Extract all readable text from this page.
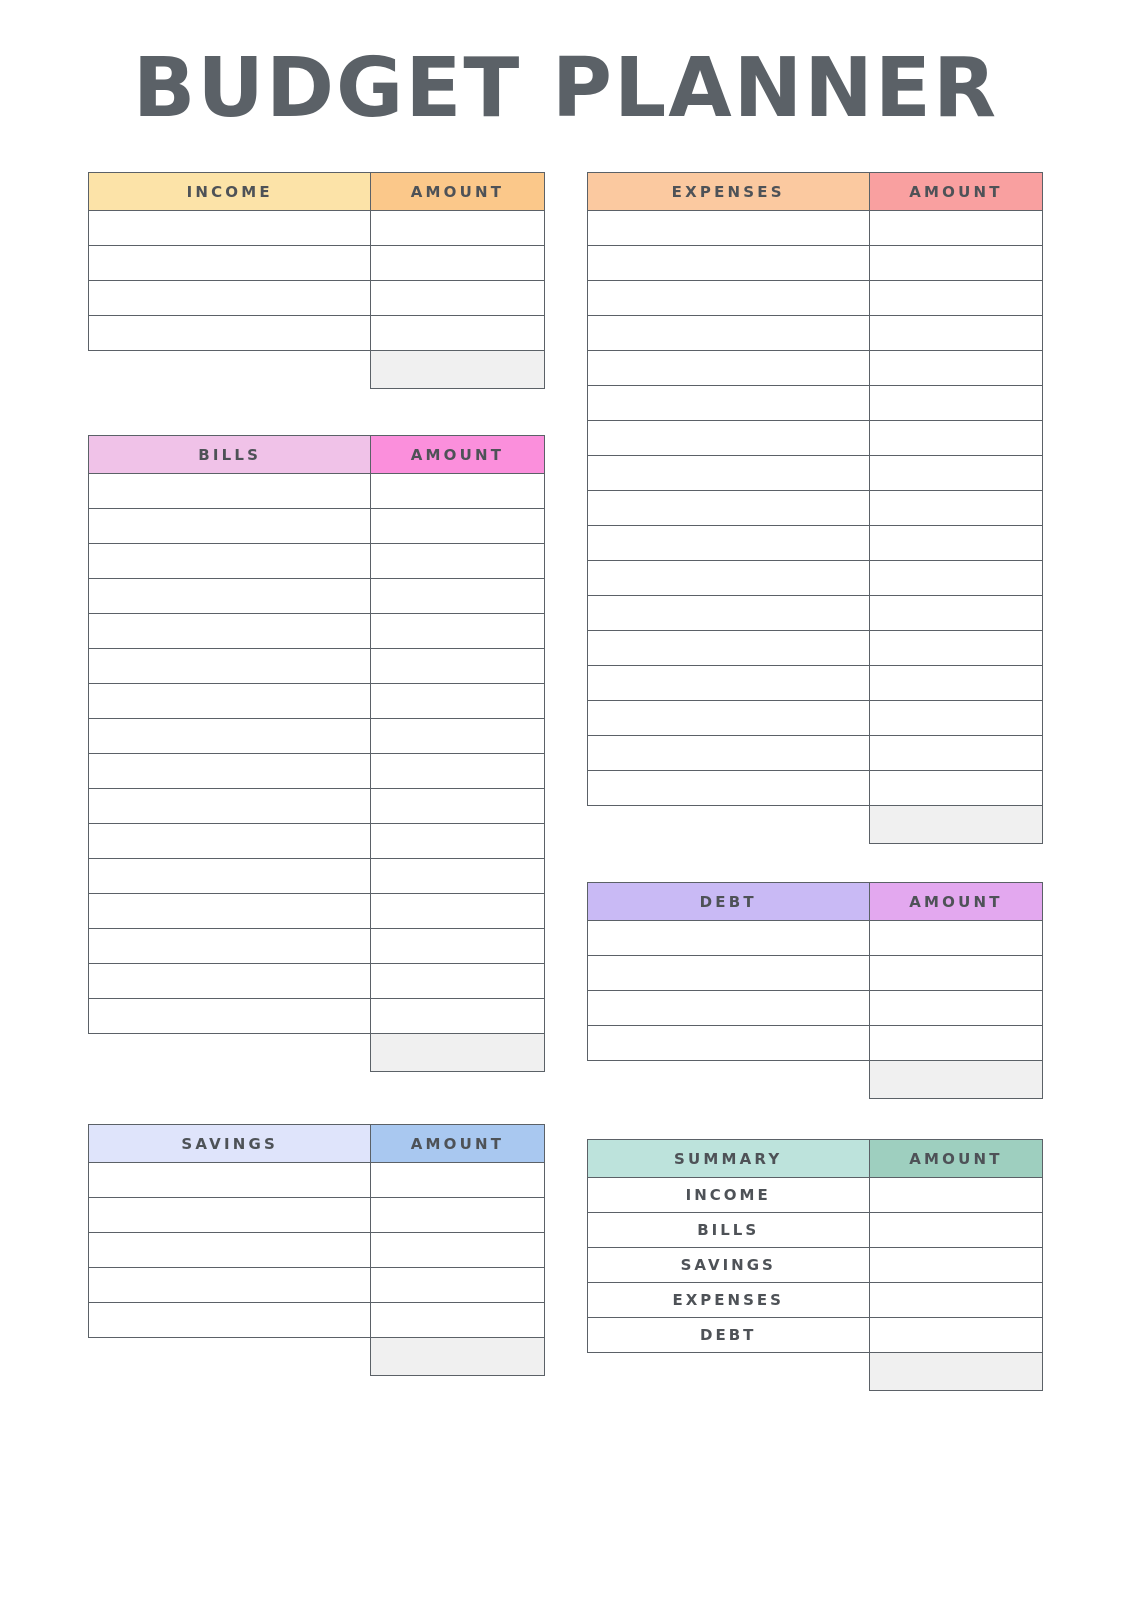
BUDGET PLANNER
INCOME	AMOUNT

BILLS	AMOUNT

SAVINGS	AMOUNT

EXPENSES	AMOUNT

DEBT	AMOUNT

SUMMARY	AMOUNT
INCOME	
BILLS	
SAVINGS	
EXPENSES	
DEBT	
